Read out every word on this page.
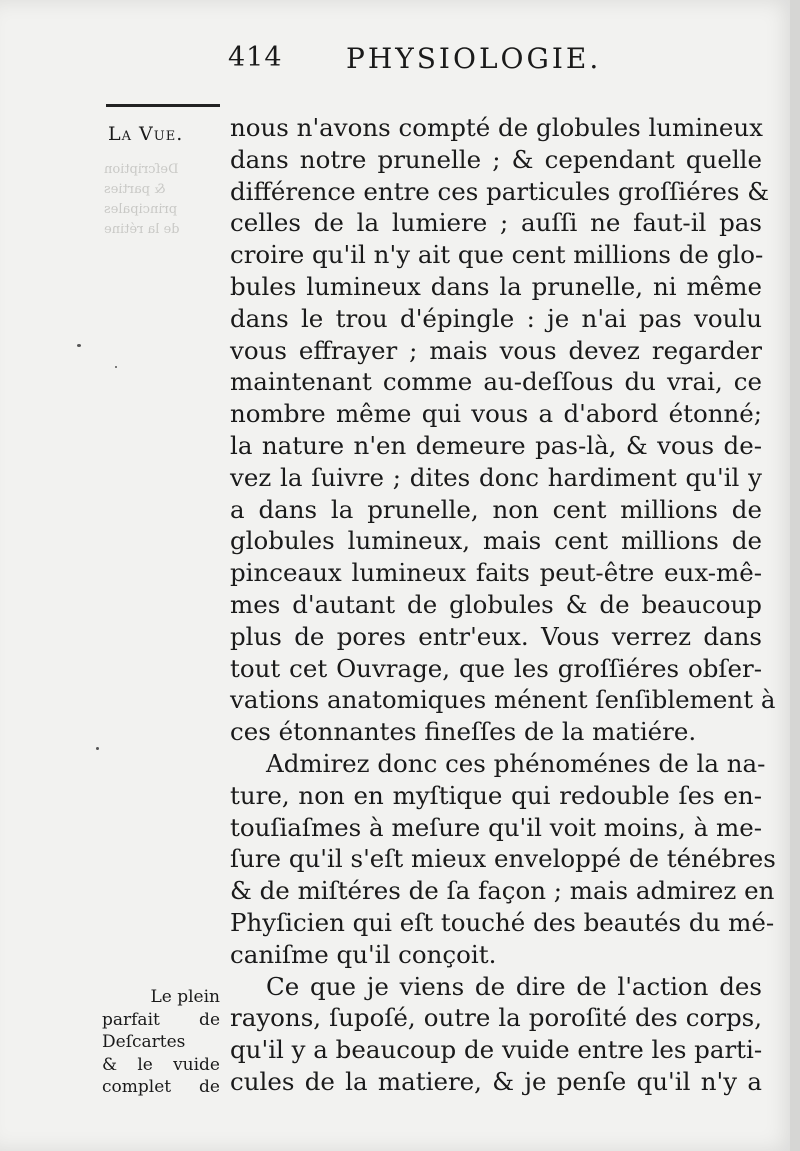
414 PHYSIOLOGIE.
La Vue.
Deſcription
& parties
principales
de la rétine
nous n'avons compté de globules lumineux
dans notre prunelle ; & cependant quelle
différence entre ces particules groſſiéres &
celles de la lumiere ; auſſi ne faut-il pas
croire qu'il n'y ait que cent millions de glo-
bules lumineux dans la prunelle, ni même
dans le trou d'épingle : je n'ai pas voulu
vous effrayer ; mais vous devez regarder
maintenant comme au-deſſous du vrai, ce
nombre même qui vous a d'abord étonné;
la nature n'en demeure pas-là, & vous de-
vez la ſuivre ; dites donc hardiment qu'il y
a dans la prunelle, non cent millions de
globules lumineux, mais cent millions de
pinceaux lumineux faits peut-être eux-mê-
mes d'autant de globules & de beaucoup
plus de pores entr'eux. Vous verrez dans
tout cet Ouvrage, que les groſſiéres obſer-
vations anatomiques ménent ſenſiblement à
ces étonnantes fineſſes de la matiére.
Admirez donc ces phénoménes de la na-
ture, non en myſtique qui redouble ſes en-
touſiaſmes à meſure qu'il voit moins, à me-
ſure qu'il s'eſt mieux enveloppé de ténébres
& de miſtéres de ſa façon ; mais admirez en
Phyſicien qui eſt touché des beautés du mé-
caniſme qu'il conçoit.
Ce que je viens de dire de l'action des
rayons, ſupoſé, outre la poroſité des corps,
qu'il y a beaucoup de vuide entre les parti-
cules de la matiere, & je penſe qu'il n'y a
Le plein
parfait de
Deſcartes
& le vuide
complet de
